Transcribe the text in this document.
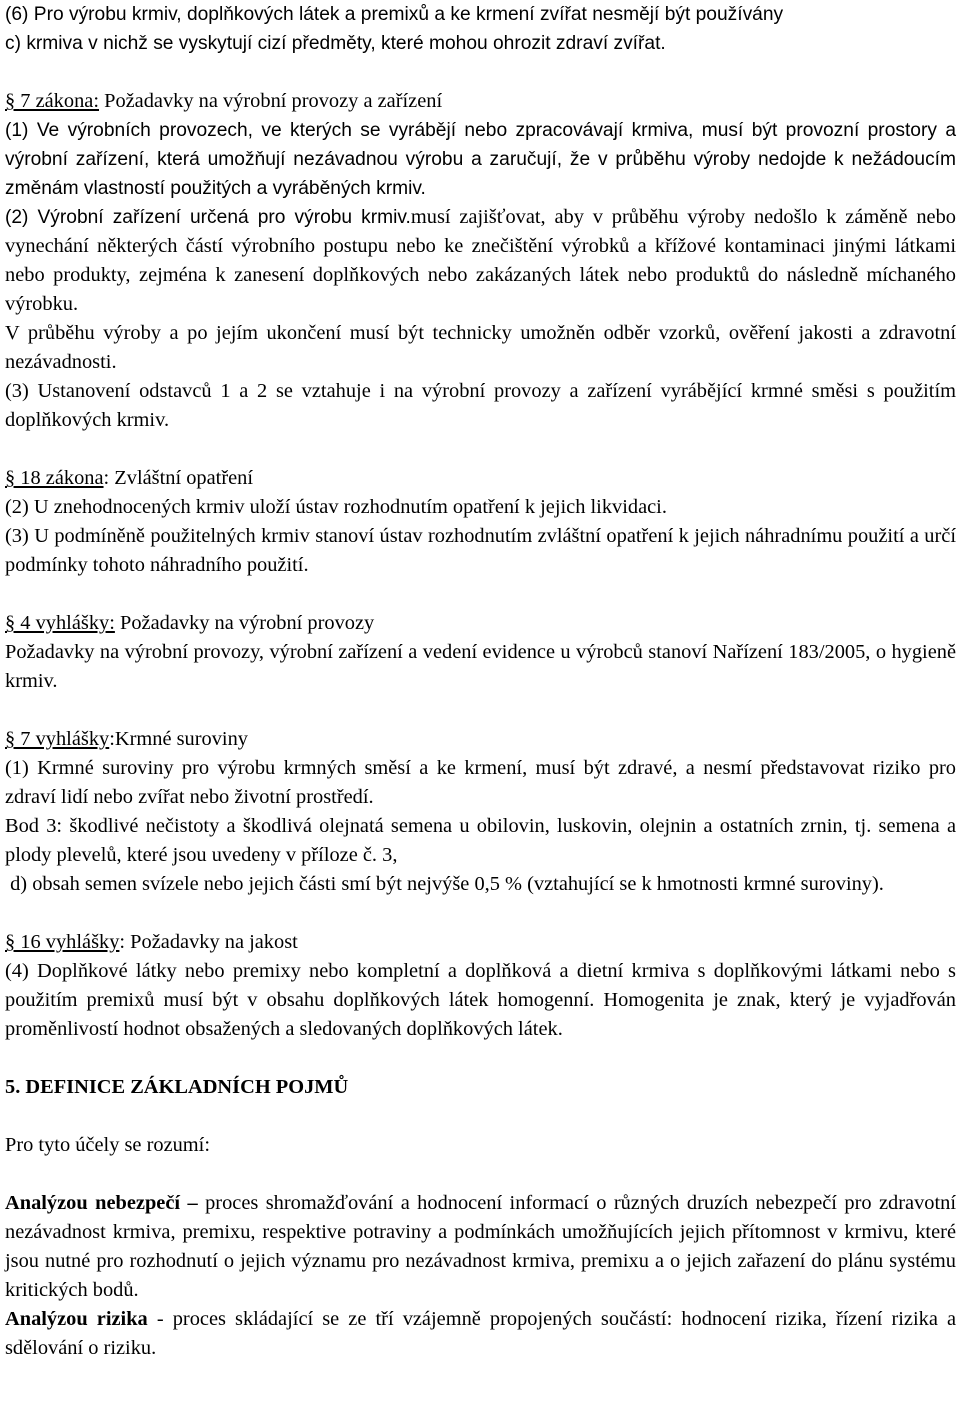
(6) Pro výrobu krmiv, doplňkových látek a premixů a ke krmení zvířat nesmějí být používány

c) krmiva v nichž se vyskytují cizí předměty, které mohou ohrozit zdraví zvířat.

§ 7 zákona: Požadavky na výrobní provozy a zařízení

(1) Ve výrobních provozech, ve kterých se vyrábějí nebo zpracovávají krmiva, musí být provozní prostory a výrobní zařízení, která umožňují nezávadnou výrobu a zaručují, že v průběhu výroby nedojde k nežádoucím změnám vlastností použitých a vyráběných krmiv.

(2) Výrobní zařízení určená pro výrobu krmiv.musí zajišťovat, aby v průběhu výroby nedošlo k záměně nebo vynechání některých částí výrobního postupu nebo ke znečištění výrobků a křížové kontaminaci jinými látkami nebo produkty, zejména k zanesení doplňkových nebo zakázaných látek nebo produktů do následně míchaného výrobku.

V průběhu výroby a po jejím ukončení musí být technicky umožněn odběr vzorků, ověření jakosti a zdravotní nezávadnosti.

(3) Ustanovení odstavců 1 a 2 se vztahuje i na výrobní provozy a zařízení vyrábějící krmné směsi s použitím doplňkových krmiv.

§ 18 zákona: Zvláštní opatření

(2) U znehodnocených krmiv uloží ústav rozhodnutím opatření k jejich likvidaci.

(3) U podmíněně použitelných krmiv stanoví ústav rozhodnutím zvláštní opatření k jejich náhradnímu použití a určí podmínky tohoto náhradního použití.

§ 4 vyhlášky: Požadavky na výrobní provozy

Požadavky na výrobní provozy, výrobní zařízení a vedení evidence u výrobců stanoví Nařízení 183/2005, o hygieně krmiv.

§ 7 vyhlášky:Krmné suroviny

(1) Krmné suroviny pro výrobu krmných směsí a ke krmení, musí být zdravé, a nesmí představovat riziko pro zdraví lidí nebo zvířat nebo životní prostředí.

Bod 3: škodlivé nečistoty a škodlivá olejnatá semena u obilovin, luskovin, olejnin a ostatních zrnin, tj. semena a plody plevelů, které jsou uvedeny v příloze č. 3,

d) obsah semen svízele nebo jejich části smí být nejvýše 0,5 % (vztahující se k hmotnosti krmné suroviny).

§ 16 vyhlášky: Požadavky na jakost

(4) Doplňkové látky nebo premixy nebo kompletní a doplňková a dietní krmiva s doplňkovými látkami nebo s použitím premixů musí být v obsahu doplňkových látek homogenní. Homogenita je znak, který je vyjadřován proměnlivostí hodnot obsažených a sledovaných doplňkových látek.

5. DEFINICE ZÁKLADNÍCH POJMŮ

Pro tyto účely se rozumí:

Analýzou nebezpečí – proces shromažďování a hodnocení informací o různých druzích nebezpečí pro zdravotní nezávadnost krmiva, premixu, respektive potraviny a podmínkách umožňujících jejich přítomnost v krmivu, které jsou nutné pro rozhodnutí o jejich významu pro nezávadnost krmiva, premixu a o jejich zařazení do plánu systému kritických bodů.

Analýzou rizika - proces skládající se ze tří vzájemně propojených součástí: hodnocení rizika, řízení rizika a sdělování o riziku.
